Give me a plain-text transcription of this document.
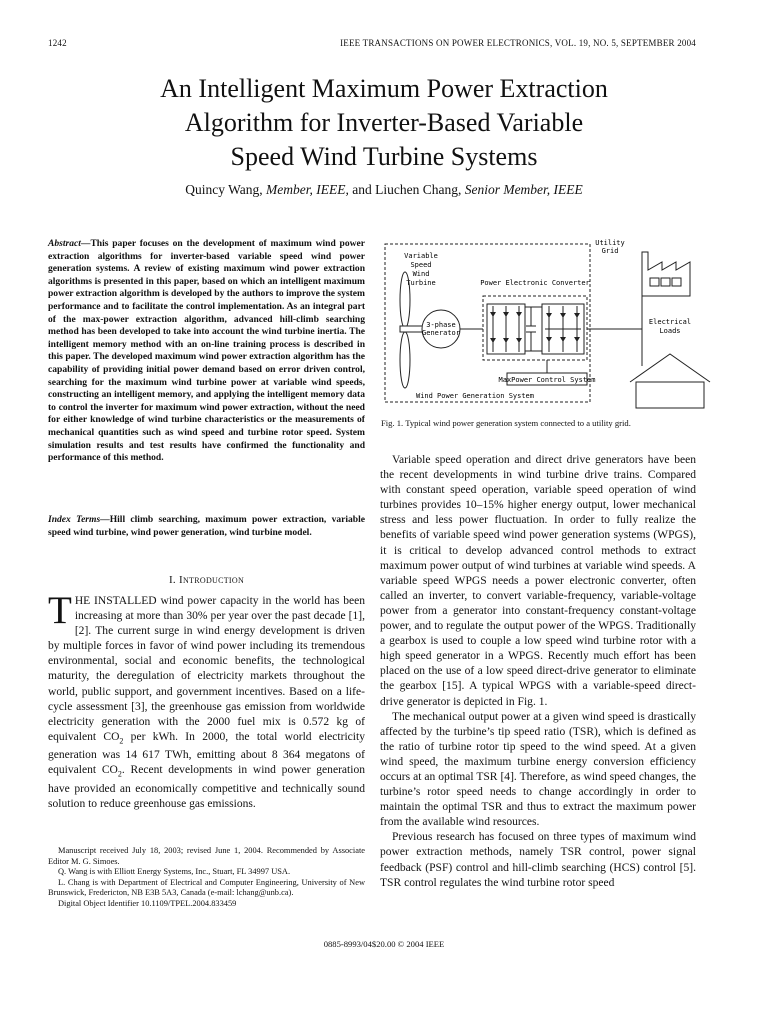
1242	IEEE TRANSACTIONS ON POWER ELECTRONICS, VOL. 19, NO. 5, SEPTEMBER 2004
An Intelligent Maximum Power Extraction
Algorithm for Inverter-Based Variable
Speed Wind Turbine Systems
Quincy Wang, Member, IEEE, and Liuchen Chang, Senior Member, IEEE
Abstract—This paper focuses on the development of maximum wind power extraction algorithms for inverter-based variable speed wind power generation systems. A review of existing maximum wind power extraction algorithms is presented in this paper, based on which an intelligent maximum power extraction algorithm is developed by the authors to improve the system performance and to facilitate the control implementation. As an integral part of the max-power extraction algorithm, advanced hill-climb searching method has been developed to take into account the wind turbine inertia. The intelligent memory method with an on-line training process is described in this paper. The developed maximum wind power extraction algorithm has the capability of providing initial power demand based on error driven control, searching for the maximum wind turbine power at variable wind speeds, constructing an intelligent memory, and applying the intelligent memory data to control the inverter for maximum wind power extraction, without the need for either knowledge of wind turbine characteristics or the measurements of mechanical quantities such as wind speed and turbine rotor speed. System simulation results and test results have confirmed the functionality and performance of this method.
Index Terms—Hill climb searching, maximum power extraction, variable speed wind turbine, wind power generation, wind turbine model.
I. Introduction
THE INSTALLED wind power capacity in the world has been increasing at more than 30% per year over the past decade [1], [2]. The current surge in wind energy development is driven by multiple forces in favor of wind power including its tremendous environmental, social and economic benefits, the technological maturity, the deregulation of electricity markets throughout the world, public support, and government incentives. Based on a life-cycle assessment [3], the greenhouse gas emission from worldwide electricity generation with the 2000 fuel mix is 0.572 kg of equivalent $CO_2$ per kWh. In 2000, the total world electricity generation was 14 617 TWh, emitting about 8 364 megatons of equivalent $CO_2$. Recent developments in wind power generation have provided an economically competitive and technically sound solution to reduce greenhouse gas emissions.

Manuscript received July 18, 2003; revised June 1, 2004. Recommended by Associate Editor M. G. Simoes.

Q. Wang is with Elliott Energy Systems, Inc., Stuart, FL 34997 USA.

L. Chang is with Department of Electrical and Computer Engineering, University of New Brunswick, Fredericton, NB E3B 5A3, Canada (e-mail: lchang@unb.ca).

Digital Object Identifier 10.1109/TPEL.2004.833459

Variable
Speed
Wind
Turbine
3-phase
Generator
Power Electronic Converter
MaxPower Control System
Wind Power Generation System
Utility
Grid
Electrical
Loads
Fig. 1. Typical wind power generation system connected to a utility grid.

Variable speed operation and direct drive generators have been the recent developments in wind turbine drive trains. Compared with constant speed operation, variable speed operation of wind turbines provides 10–15% higher energy output, lower mechanical stress and less power fluctuation. In order to fully realize the benefits of variable speed wind power generation systems (WPGS), it is critical to develop advanced control methods to extract maximum power output of wind turbines at variable wind speeds. A variable speed WPGS needs a power electronic converter, often called an inverter, to convert variable-frequency, variable-voltage power from a generator into constant-frequency constant-voltage power, and to regulate the output power of the WPGS. Traditionally a gearbox is used to couple a low speed wind turbine rotor with a high speed generator in a WPGS. Recently much effort has been placed on the use of a low speed direct-drive generator to eliminate the gearbox [15]. A typical WPGS with a variable-speed direct-drive generator is depicted in Fig. 1.

The mechanical output power at a given wind speed is drastically affected by the turbine’s tip speed ratio (TSR), which is defined as the ratio of turbine rotor tip speed to the wind speed. At a given wind speed, the maximum turbine energy conversion efficiency occurs at an optimal TSR [4]. Therefore, as wind speed changes, the turbine’s rotor speed needs to change accordingly in order to maintain the optimal TSR and thus to extract the maximum power from the available wind resources.

Previous research has focused on three types of maximum wind power extraction methods, namely TSR control, power signal feedback (PSF) control and hill-climb searching (HCS) control [5]. TSR control regulates the wind turbine rotor speed

0885-8993/04$20.00 © 2004 IEEE
